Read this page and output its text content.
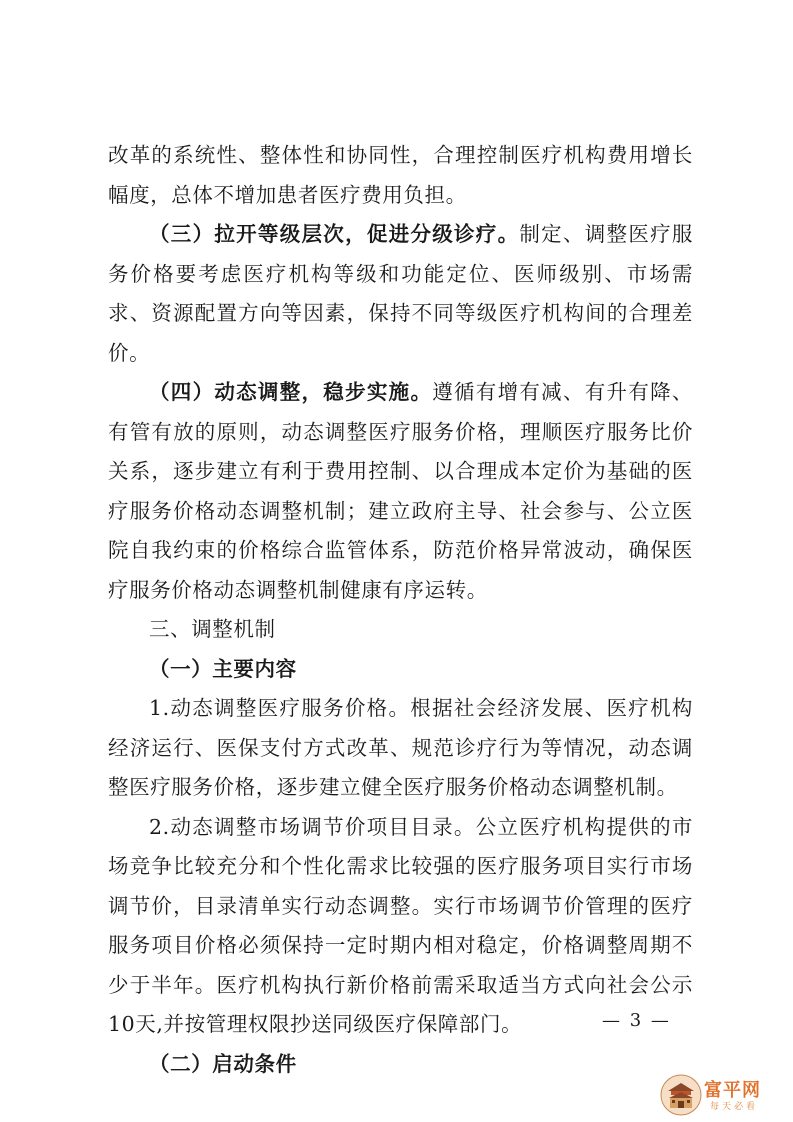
改革的系统性、整体性和协同性，合理控制医疗机构费用增长幅度，总体不增加患者医疗费用负担。

（三）拉开等级层次，促进分级诊疗。制定、调整医疗服务价格要考虑医疗机构等级和功能定位、医师级别、市场需求、资源配置方向等因素，保持不同等级医疗机构间的合理差价。

（四）动态调整，稳步实施。遵循有增有减、有升有降、有管有放的原则，动态调整医疗服务价格，理顺医疗服务比价关系，逐步建立有利于费用控制、以合理成本定价为基础的医疗服务价格动态调整机制；建立政府主导、社会参与、公立医院自我约束的价格综合监管体系，防范价格异常波动，确保医疗服务价格动态调整机制健康有序运转。

三、调整机制

（一）主要内容

1.动态调整医疗服务价格。根据社会经济发展、医疗机构经济运行、医保支付方式改革、规范诊疗行为等情况，动态调整医疗服务价格，逐步建立健全医疗服务价格动态调整机制。

2.动态调整市场调节价项目目录。公立医疗机构提供的市场竞争比较充分和个性化需求比较强的医疗服务项目实行市场调节价，目录清单实行动态调整。实行市场调节价管理的医疗服务项目价格必须保持一定时期内相对稳定，价格调整周期不少于半年。医疗机构执行新价格前需采取适当方式向社会公示10天,并按管理权限抄送同级医疗保障部门。

（二）启动条件

— 3 —
富平网
每天必看
